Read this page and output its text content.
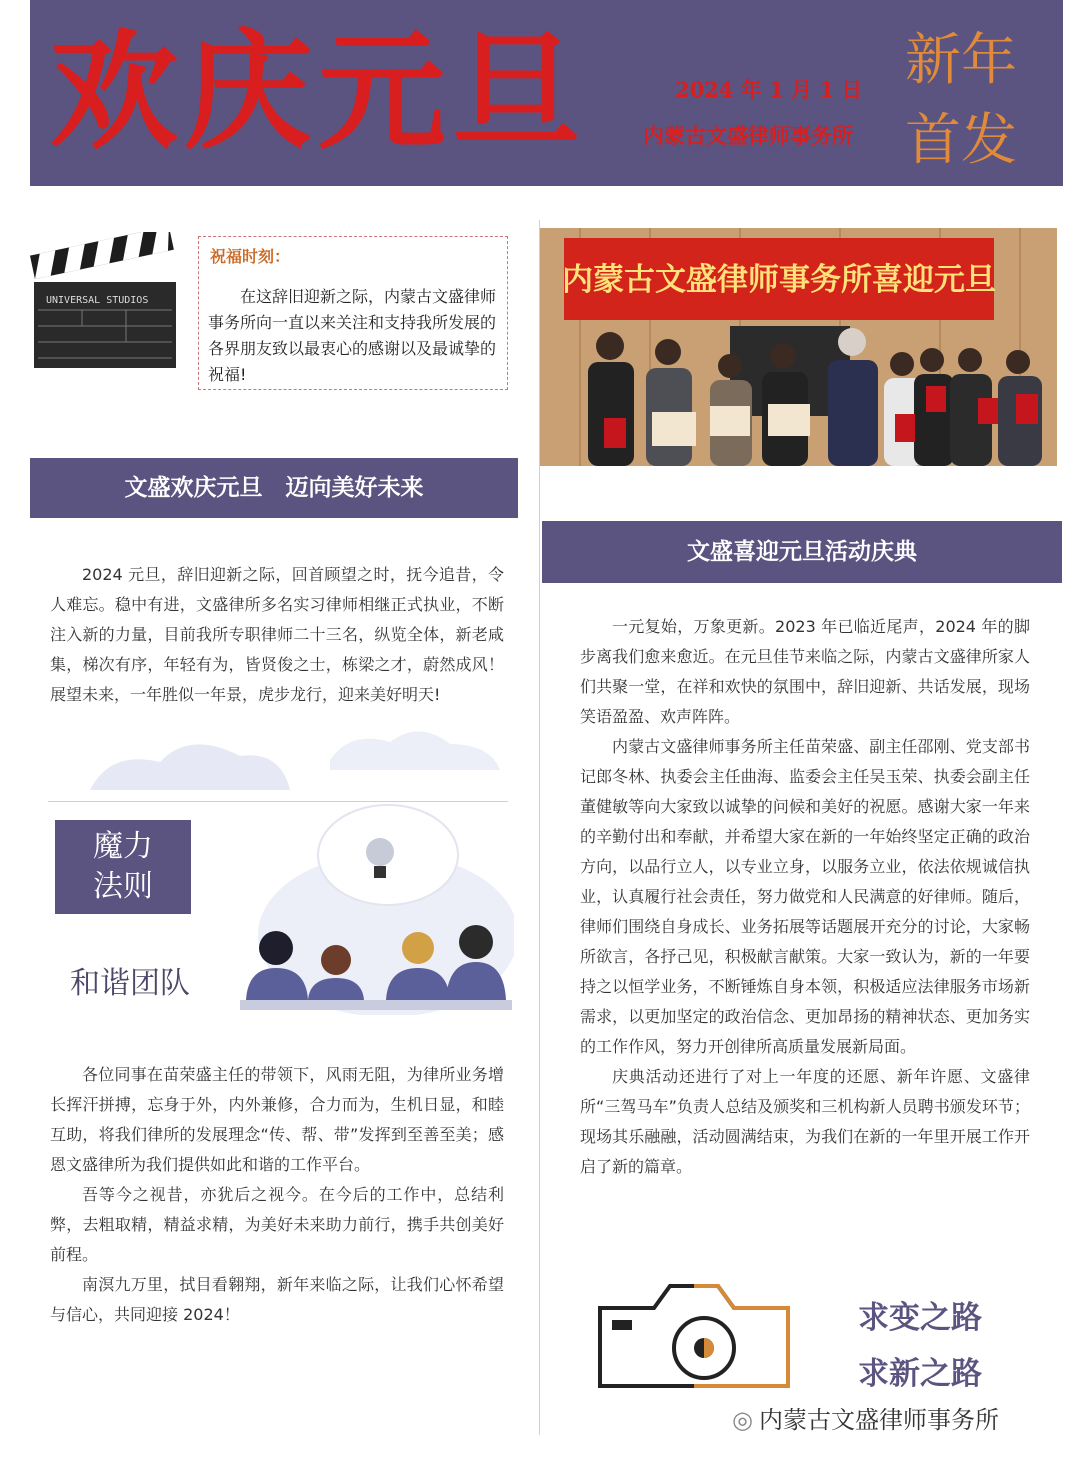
欢庆元旦	2024 年 1 月 1 日
内蒙古文盛律师事务所
新年
首发
UNIVERSAL STUDIOS
祝福时刻：
在这辞旧迎新之际，内蒙古文盛律师事务所向一直以来关注和支持我所发展的各界朋友致以最衷心的感谢以及最诚挚的祝福!
内蒙古文盛律师事务所喜迎元旦
文盛欢庆元旦　迈向美好未来
2024 元旦，辞旧迎新之际，回首顾望之时，抚今追昔，令人难忘。稳中有进，文盛律所多名实习律师相继正式执业，不断注入新的力量，目前我所专职律师二十三名，纵览全体，新老咸集，梯次有序，年轻有为，皆贤俊之士，栋梁之才，蔚然成风！展望未来，一年胜似一年景，虎步龙行，迎来美好明天!
魔力
法则
和谐团队
各位同事在苗荣盛主任的带领下，风雨无阻，为律所业务增长挥汗拼搏，忘身于外，内外兼修，合力而为，生机日显，和睦互助，将我们律所的发展理念“传、帮、带”发挥到至善至美；感恩文盛律所为我们提供如此和谐的工作平台。
吾等今之视昔，亦犹后之视今。在今后的工作中，总结利弊，去粗取精，精益求精，为美好未来助力前行，携手共创美好前程。
南溟九万里，拭目看翱翔，新年来临之际，让我们心怀希望与信心，共同迎接 2024！
文盛喜迎元旦活动庆典
一元复始，万象更新。2023 年已临近尾声，2024 年的脚步离我们愈来愈近。在元旦佳节来临之际，内蒙古文盛律所家人们共聚一堂，在祥和欢快的氛围中，辞旧迎新、共话发展，现场笑语盈盈、欢声阵阵。
内蒙古文盛律师事务所主任苗荣盛、副主任邵刚、党支部书记郎冬林、执委会主任曲海、监委会主任吴玉荣、执委会副主任董健敏等向大家致以诚挚的问候和美好的祝愿。感谢大家一年来的辛勤付出和奉献，并希望大家在新的一年始终坚定正确的政治方向，以品行立人，以专业立身，以服务立业，依法依规诚信执业，认真履行社会责任，努力做党和人民满意的好律师。随后，律师们围绕自身成长、业务拓展等话题展开充分的讨论，大家畅所欲言，各抒己见，积极献言献策。大家一致认为，新的一年要持之以恒学业务，不断锤炼自身本领，积极适应法律服务市场新需求，以更加坚定的政治信念、更加昂扬的精神状态、更加务实的工作作风，努力开创律所高质量发展新局面。
庆典活动还进行了对上一年度的还愿、新年许愿、文盛律所“三驾马车”负责人总结及颁奖和三机构新人员聘书颁发环节；现场其乐融融，活动圆满结束，为我们在新的一年里开展工作开启了新的篇章。
求变之路
求新之路
◎ 内蒙古文盛律师事务所
